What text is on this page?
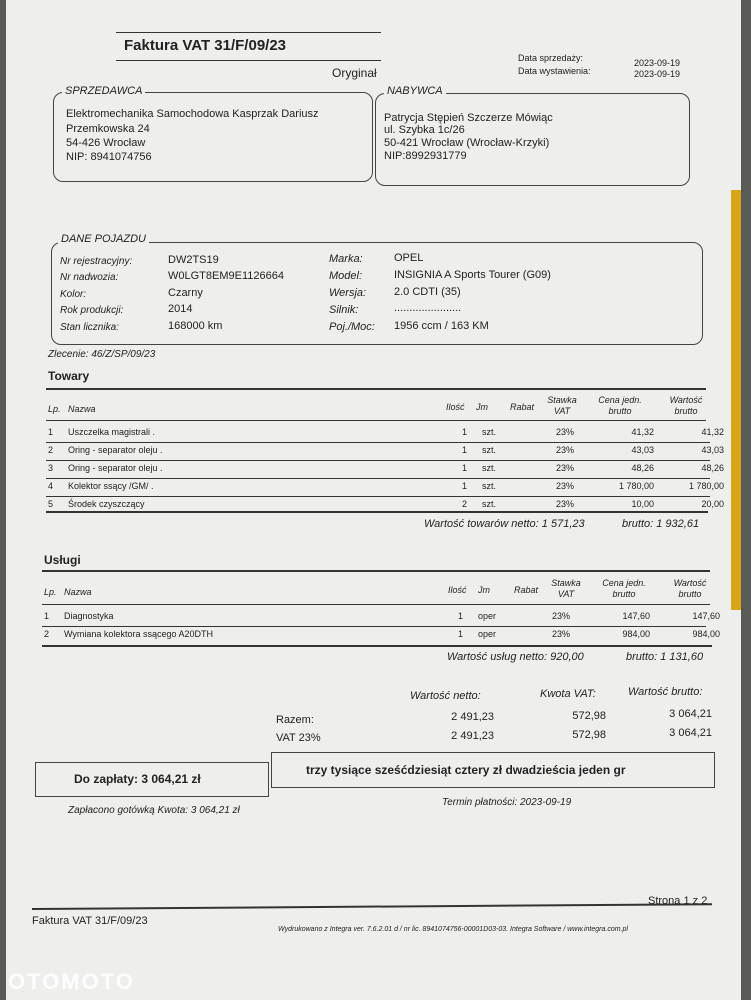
Faktura VAT 31/F/09/23
Oryginał
Data sprzedaży:	2023-09-19
Data wystawienia:	2023-09-19
SPRZEDAWCA
Elektromechanika Samochodowa Kasprzak Dariusz
Przemkowska 24
54-426 Wrocław
NIP: 8941074756
NABYWCA
Patrycja Stępień Szczerze Mówiąc
ul. Szybka 1c/26
50-421 Wrocław (Wrocław-Krzyki)
NIP:8992931779
DANE POJAZDU
Nr rejestracyjny:	DW2TS19
Nr nadwozia:	W0LGT8EM9E1126664
Kolor:	Czarny
Rok produkcji:	2014
Stan licznika:	168000 km
Marka:	OPEL
Model:	INSIGNIA A Sports Tourer (G09)
Wersja:	2.0 CDTI (35)
Silnik:	......................
Poj./Moc: 1956 ccm / 163 KM
Zlecenie: 46/Z/SP/09/23
Towary
Lp. Nazwa	Ilość Jm Rabat
Stawka VAT
Cena jedn. brutto
Wartość brutto
1 Uszczelka magistrali .	1 szt.	23%	41,32	41,32
2 Oring - separator oleju .	1 szt.	23%	43,03	43,03
3 Oring - separator oleju .	1 szt.	23%	48,26	48,26
4 Kolektor ssący /GM/ .	1 szt.	23%	1 780,00	1 780,00
5 Środek czyszczący	2 szt.	23%	10,00	20,00
Wartość towarów netto: 1 571,23	brutto: 1 932,61
Usługi
Lp. Nazwa	Ilość Jm	Rabat
Stawka VAT
Cena jedn. brutto
Wartość brutto
1 Diagnostyka	1 oper	23%	147,60	147,60
2 Wymiana kolektora ssącego A20DTH	1 oper	23%	984,00	984,00
Wartość usług netto: 920,00	brutto: 1 131,60
Wartość netto:	Kwota VAT:	Wartość brutto:
Razem:	2 491,23	572,98	3 064,21
VAT 23%	2 491,23	572,98	3 064,21
Do zapłaty: 3 064,21 zł
trzy tysiące sześćdziesiąt cztery zł dwadzieścia jeden gr
Zapłacono gotówką Kwota: 3 064,21 zł
Termin płatności: 2023-09-19
Strona 1 z 2
Faktura VAT 31/F/09/23
Wydrukowano z Integra ver. 7.6.2.01 d / nr lic. 8941074756-00001D03-03. Integra Software / www.integra.com.pl
OTOMOTO
